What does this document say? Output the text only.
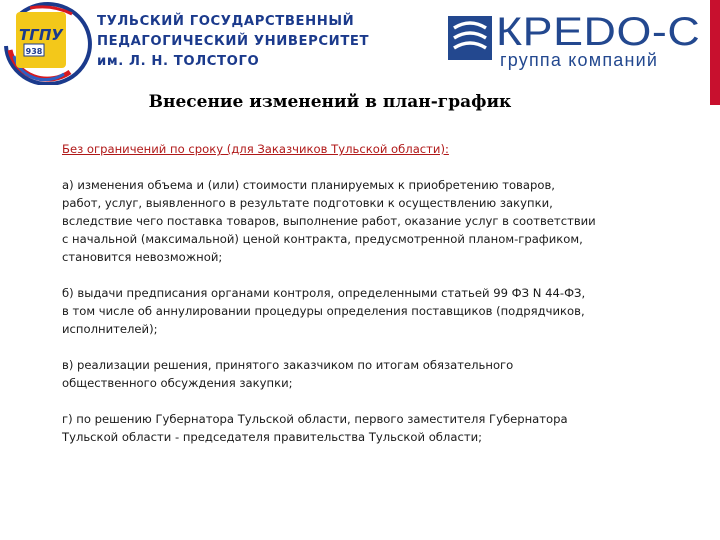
ТГПУ
938
ТУЛЬСКИЙ ГОСУДАРСТВЕННЫЙ
ПЕДАГОГИЧЕСКИЙ УНИВЕРСИТЕТ
им. Л. Н. ТОЛСТОГО
КРЕDО-С
группа компаний
Внесение изменений в план-график
Без ограничений по сроку (для Заказчиков Тульской области):
а) изменения объема и (или) стоимости планируемых к приобретению товаров,
работ, услуг, выявленного в результате подготовки к осуществлению закупки,
вследствие чего поставка товаров, выполнение работ, оказание услуг в соответствии
с начальной (максимальной) ценой контракта, предусмотренной планом-графиком,
становится невозможной;
б) выдачи предписания органами контроля, определенными статьей 99 ФЗ N 44-ФЗ,
в том числе об аннулировании процедуры определения поставщиков (подрядчиков,
исполнителей);
в) реализации решения, принятого заказчиком по итогам обязательного
общественного обсуждения закупки;
г) по решению Губернатора Тульской области, первого заместителя Губернатора
Тульской области - председателя правительства Тульской области;
